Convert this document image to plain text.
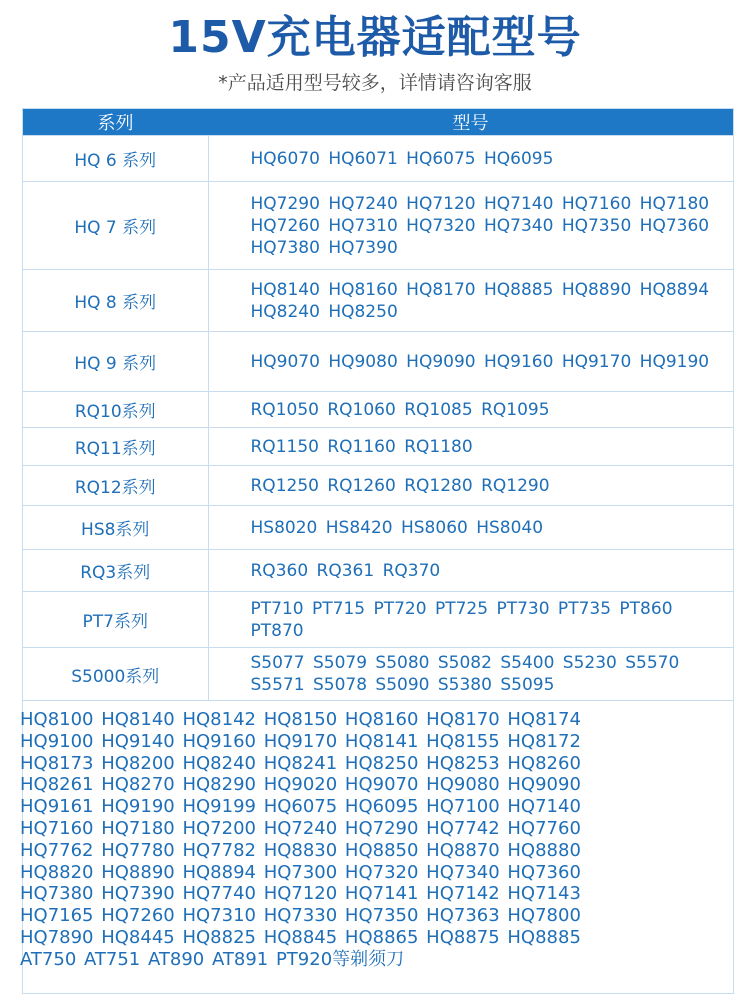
15V充电器适配型号
*产品适用型号较多，详情请咨询客服
系列	型号
HQ 6 系列	HQ6070 HQ6071 HQ6075 HQ6095
HQ 7 系列	HQ7290 HQ7240 HQ7120 HQ7140 HQ7160 HQ7180 HQ7260 HQ7310 HQ7320 HQ7340 HQ7350 HQ7360 HQ7380 HQ7390
HQ 8 系列	HQ8140 HQ8160 HQ8170 HQ8885 HQ8890 HQ8894 HQ8240 HQ8250
HQ 9 系列	HQ9070 HQ9080 HQ9090 HQ9160 HQ9170 HQ9190
RQ10系列	RQ1050 RQ1060 RQ1085 RQ1095
RQ11系列	RQ1150 RQ1160 RQ1180
RQ12系列	RQ1250 RQ1260 RQ1280 RQ1290
HS8系列	HS8020 HS8420 HS8060 HS8040
RQ3系列	RQ360 RQ361 RQ370
PT7系列	PT710 PT715 PT720 PT725 PT730 PT735 PT860 PT870
S5000系列	S5077 S5079 S5080 S5082 S5400 S5230 S5570 S5571 S5078 S5090 S5380 S5095

HQ8100 HQ8140 HQ8142 HQ8150 HQ8160 HQ8170 HQ8174
HQ9100 HQ9140 HQ9160 HQ9170 HQ8141 HQ8155 HQ8172
HQ8173 HQ8200 HQ8240 HQ8241 HQ8250 HQ8253 HQ8260
HQ8261 HQ8270 HQ8290 HQ9020 HQ9070 HQ9080 HQ9090
HQ9161 HQ9190 HQ9199 HQ6075 HQ6095 HQ7100 HQ7140
HQ7160 HQ7180 HQ7200 HQ7240 HQ7290 HQ7742 HQ7760
HQ7762 HQ7780 HQ7782 HQ8830 HQ8850 HQ8870 HQ8880
HQ8820 HQ8890 HQ8894 HQ7300 HQ7320 HQ7340 HQ7360
HQ7380 HQ7390 HQ7740 HQ7120 HQ7141 HQ7142 HQ7143
HQ7165 HQ7260 HQ7310 HQ7330 HQ7350 HQ7363 HQ7800
HQ7890 HQ8445 HQ8825 HQ8845 HQ8865 HQ8875 HQ8885
AT750 AT751 AT890 AT891 PT920等剃须刀
